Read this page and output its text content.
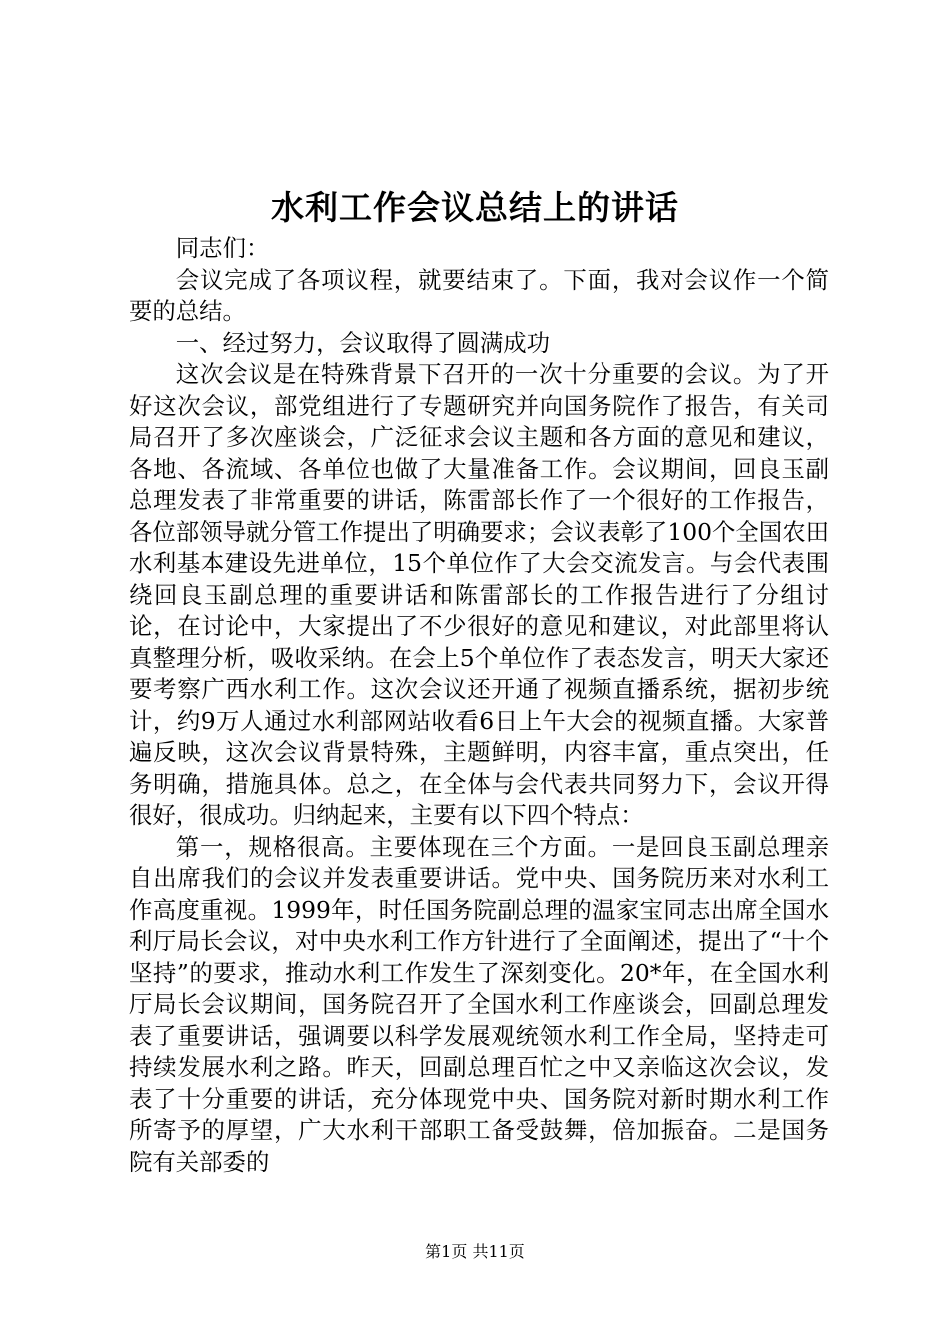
水利工作会议总结上的讲话

同志们：

会议完成了各项议程，就要结束了。下面，我对会议作一个简要的总结。

一、经过努力，会议取得了圆满成功

这次会议是在特殊背景下召开的一次十分重要的会议。为了开好这次会议，部党组进行了专题研究并向国务院作了报告，有关司局召开了多次座谈会，广泛征求会议主题和各方面的意见和建议，各地、各流域、各单位也做了大量准备工作。会议期间，回良玉副总理发表了非常重要的讲话，陈雷部长作了一个很好的工作报告，各位部领导就分管工作提出了明确要求；会议表彰了100个全国农田水利基本建设先进单位，15个单位作了大会交流发言。与会代表围绕回良玉副总理的重要讲话和陈雷部长的工作报告进行了分组讨论，在讨论中，大家提出了不少很好的意见和建议，对此部里将认真整理分析，吸收采纳。在会上5个单位作了表态发言，明天大家还要考察广西水利工作。这次会议还开通了视频直播系统，据初步统计，约9万人通过水利部网站收看6日上午大会的视频直播。大家普遍反映，这次会议背景特殊，主题鲜明，内容丰富，重点突出，任务明确，措施具体。总之，在全体与会代表共同努力下，会议开得很好，很成功。归纳起来，主要有以下四个特点：

第一，规格很高。主要体现在三个方面。一是回良玉副总理亲自出席我们的会议并发表重要讲话。党中央、国务院历来对水利工作高度重视。1999年，时任国务院副总理的温家宝同志出席全国水利厅局长会议，对中央水利工作方针进行了全面阐述，提出了“十个坚持”的要求，推动水利工作发生了深刻变化。20*年，在全国水利厅局长会议期间，国务院召开了全国水利工作座谈会，回副总理发表了重要讲话，强调要以科学发展观统领水利工作全局，坚持走可持续发展水利之路。昨天，回副总理百忙之中又亲临这次会议，发表了十分重要的讲话，充分体现党中央、国务院对新时期水利工作所寄予的厚望，广大水利干部职工备受鼓舞，倍加振奋。二是国务院有关部委的

第1页 共11页
